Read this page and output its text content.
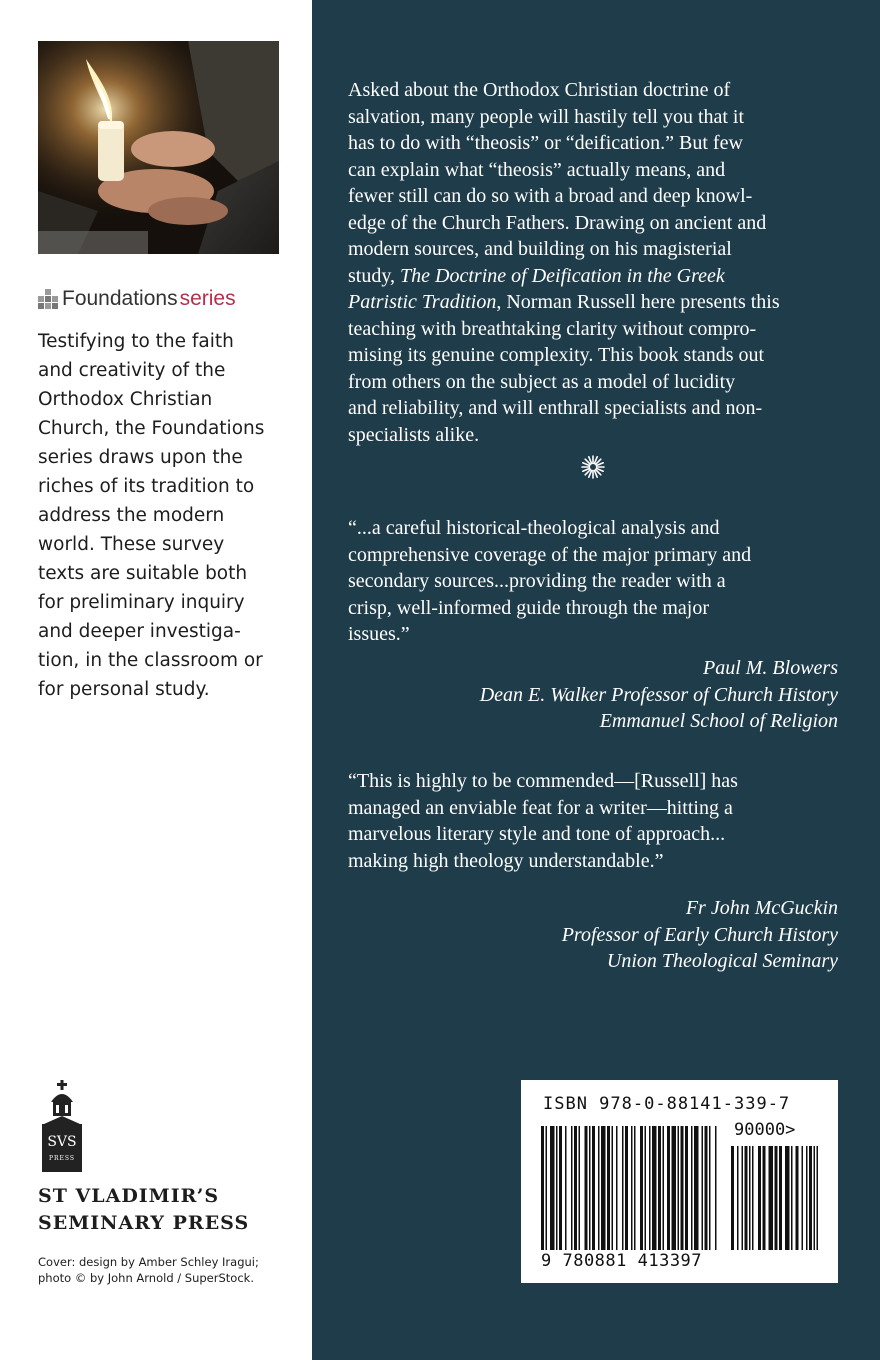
Foundations series

Testifying to the faith
and creativity of the
Orthodox Christian
Church, the Foundations
series draws upon the
riches of its tradition to
address the modern
world. These survey
texts are suitable both
for preliminary inquiry
and deeper investiga-
tion, in the classroom or
for personal study.

SVS
PRESS
ST VLADIMIR’S
SEMINARY PRESS
Cover: design by Amber Schley Iragui;
photo © by John Arnold / SuperStock.

Asked about the Orthodox Christian doctrine of
salvation, many people will hastily tell you that it
has to do with “theosis” or “deification.” But few
can explain what “theosis” actually means, and
fewer still can do so with a broad and deep knowl-
edge of the Church Fathers. Drawing on ancient and
modern sources, and building on his magisterial
study, The Doctrine of Deification in the Greek
Patristic Tradition, Norman Russell here presents this
teaching with breathtaking clarity without compro-
mising its genuine complexity. This book stands out
from others on the subject as a model of lucidity
and reliability, and will enthrall specialists and non-
specialists alike.

“...a careful historical-theological analysis and
comprehensive coverage of the major primary and
secondary sources...providing the reader with a
crisp, well-informed guide through the major
issues.”
Paul M. Blowers
Dean E. Walker Professor of Church History
Emmanuel School of Religion
“This is highly to be commended—[Russell] has
managed an enviable feat for a writer—hitting a
marvelous literary style and tone of approach...
making high theology understandable.”
Fr John McGuckin
Professor of Early Church History
Union Theological Seminary
ISBN 978-0-88141-339-7
90000>
9 780881 413397
